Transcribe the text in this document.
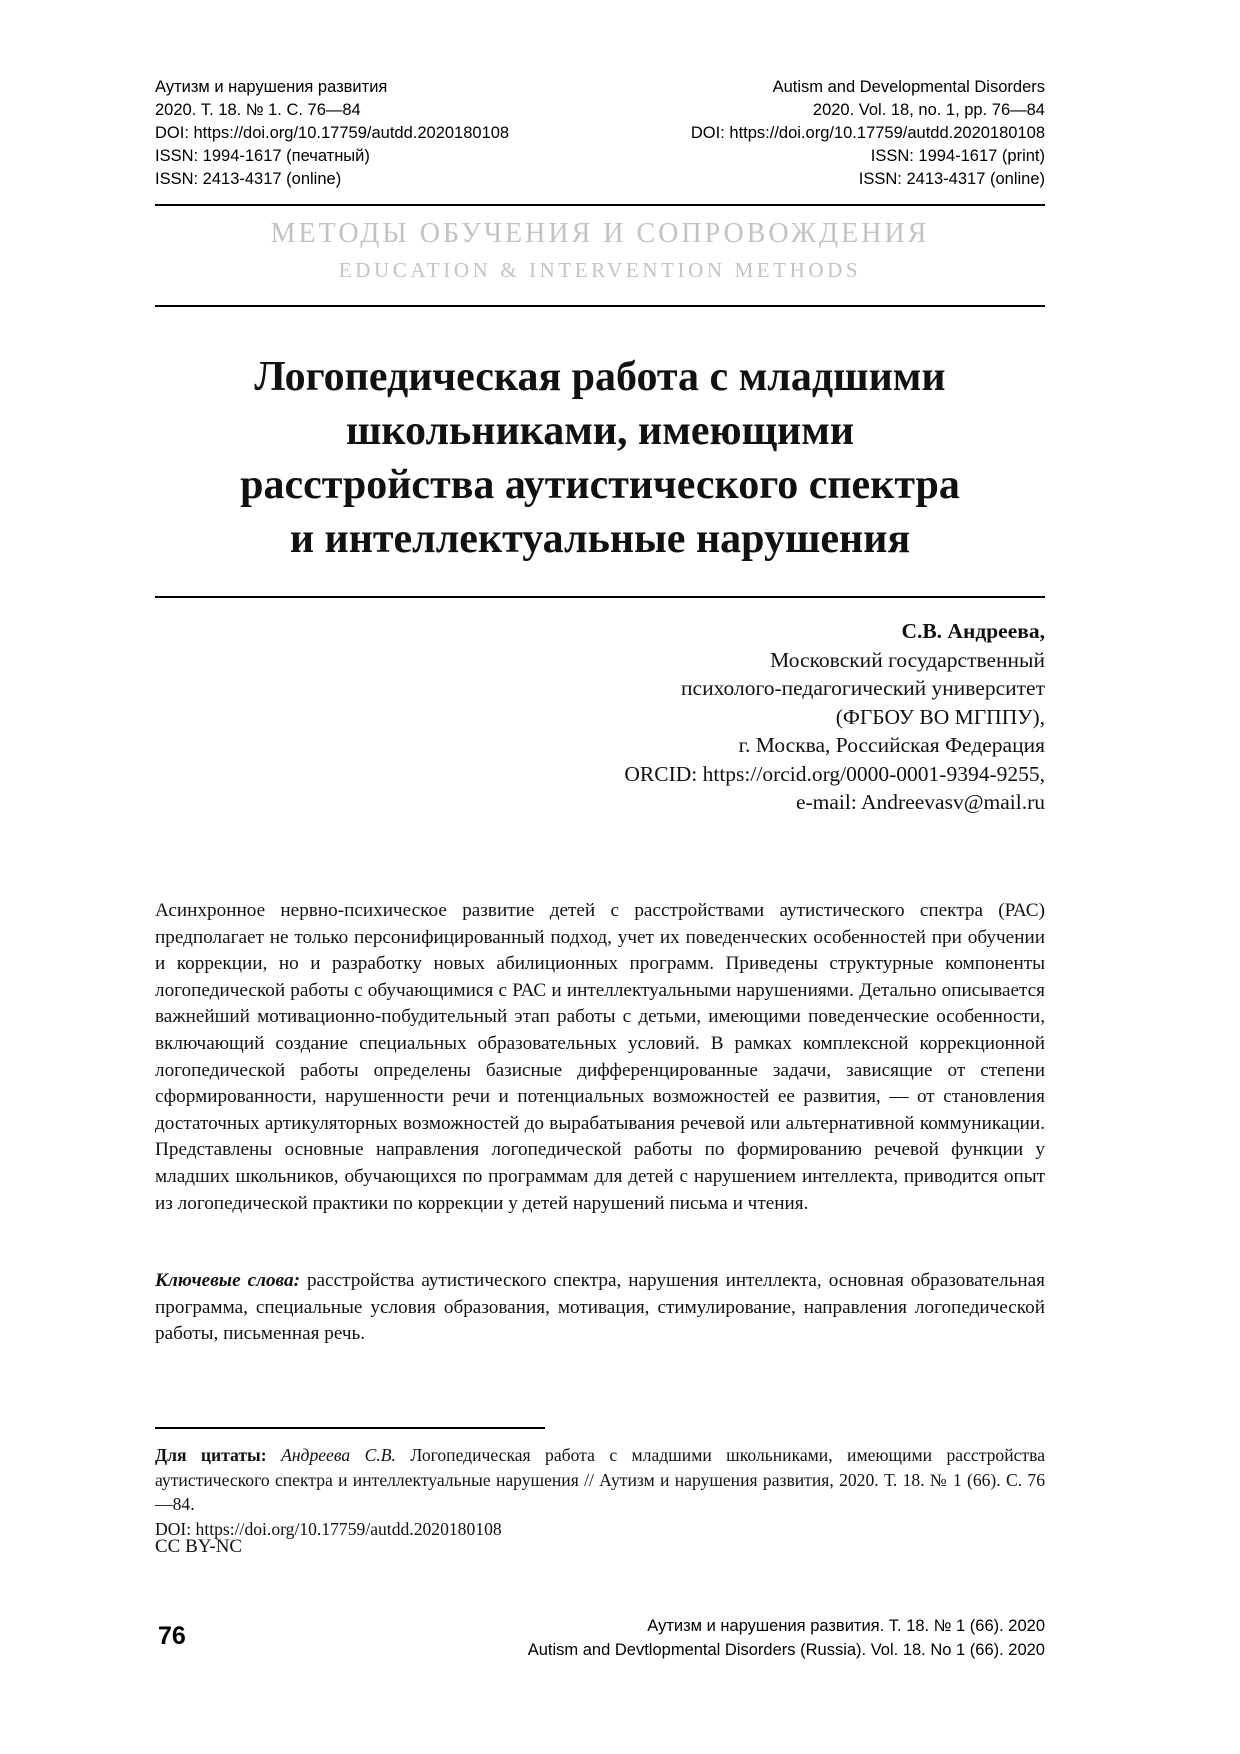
Аутизм и нарушения развития
2020. Т. 18. № 1. С. 76—84
DOI: https://doi.org/10.17759/autdd.2020180108
ISSN: 1994-1617 (печатный)
ISSN: 2413-4317 (online)
Autism and Developmental Disorders
2020. Vol. 18, no. 1, pp. 76—84
DOI: https://doi.org/10.17759/autdd.2020180108
ISSN: 1994-1617 (print)
ISSN: 2413-4317 (online)
МЕТОДЫ ОБУЧЕНИЯ И СОПРОВОЖДЕНИЯ
EDUCATION & INTERVENTION METHODS
Логопедическая работа с младшими
школьниками, имеющими
расстройства аутистического спектра
и интеллектуальные нарушения
С.В. Андреева,
Московский государственный
психолого-педагогический университет
(ФГБОУ ВО МГППУ),
г. Москва, Российская Федерация
ORCID: https://orcid.org/0000-0001-9394-9255,
e-mail: Andreevasv@mail.ru

Асинхронное нервно-психическое развитие детей с расстройствами аутистического спектра (РАС) предполагает не только персонифицированный подход, учет их поведенческих особенностей при обучении и коррекции, но и разработку новых абилиционных программ. Приведены структурные компоненты логопедической работы с обучающимися с РАС и интеллектуальными нарушениями. Детально описывается важнейший мотивационно-побудительный этап работы с детьми, имеющими поведенческие особенности, включающий создание специальных образовательных условий. В рамках комплексной коррекционной логопедической работы определены базисные дифференцированные задачи, зависящие от степени сформированности, нарушенности речи и потенциальных возможностей ее развития, — от становления достаточных артикуляторных возможностей до вырабатывания речевой или альтернативной коммуникации. Представлены основные направления логопедической работы по формированию речевой функции у младших школьников, обучающихся по программам для детей с нарушением интеллекта, приводится опыт из логопедической практики по коррекции у детей нарушений письма и чтения.

Ключевые слова: расстройства аутистического спектра, нарушения интеллекта, основная образовательная программа, специальные условия образования, мотивация, стимулирование, направления логопедической работы, письменная речь.
Для цитаты: Андреева С.В. Логопедическая работа с младшими школьниками, имеющими расстройства аутистического спектра и интеллектуальные нарушения // Аутизм и нарушения развития, 2020. Т. 18. № 1 (66). С. 76—84.
DOI: https://doi.org/10.17759/autdd.2020180108
CC BY-NC
76	Аутизм и нарушения развития. Т. 18. № 1 (66). 2020
Autism and Devtlopmental Disorders (Russia). Vol. 18. No 1 (66). 2020
